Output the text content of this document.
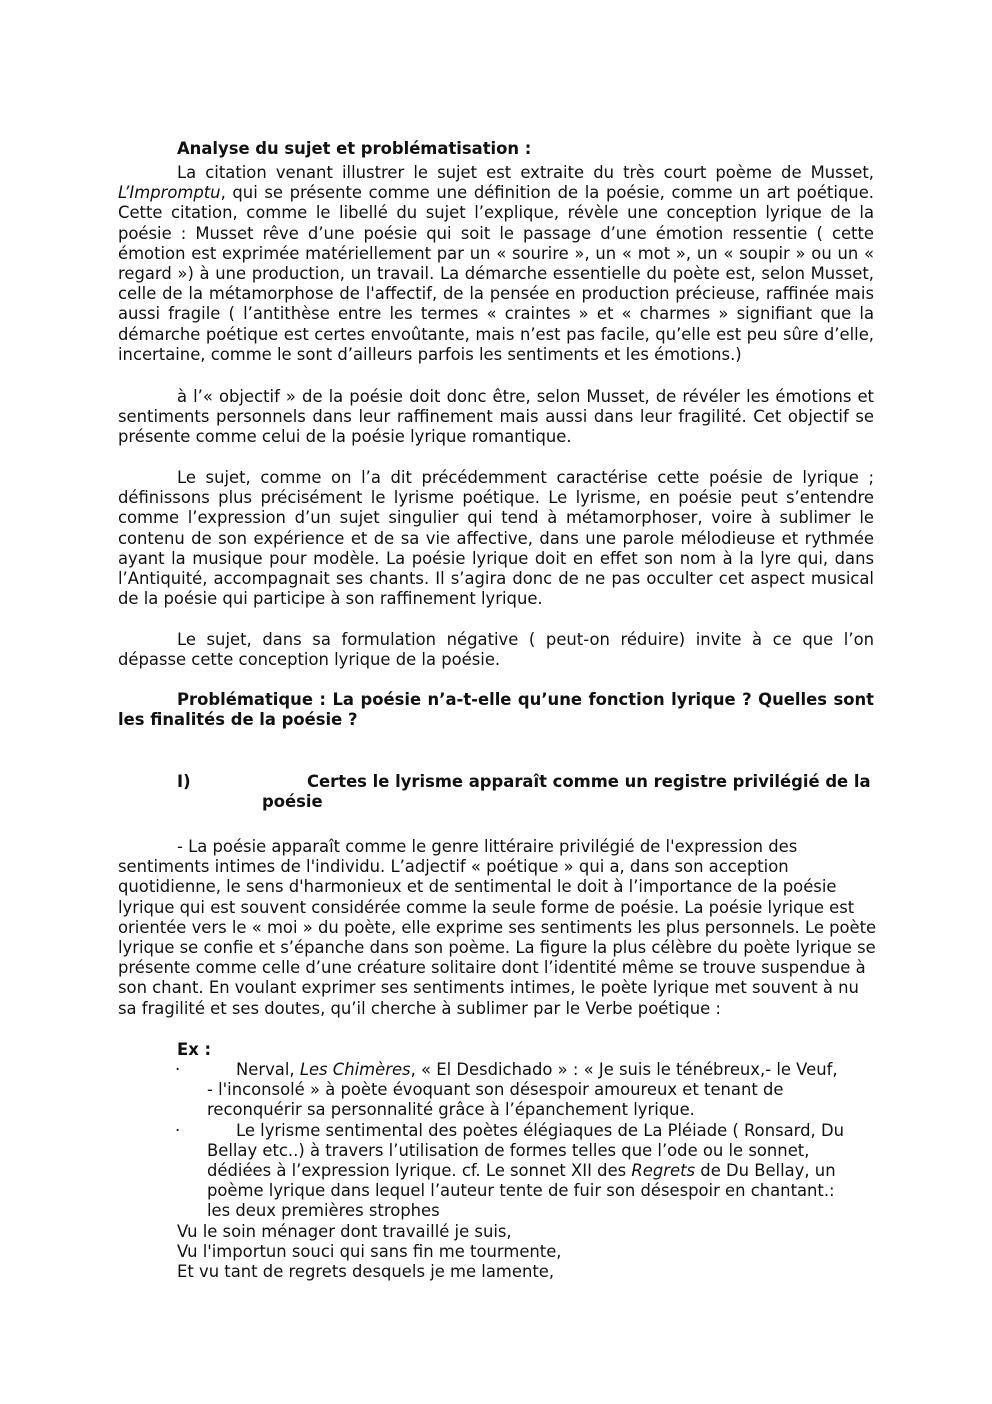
Analyse du sujet et problématisation :

La citation venant illustrer le sujet est extraite du très court poème de Musset, L’Impromptu, qui se présente comme une définition de la poésie, comme un art poétique. Cette citation, comme le libellé du sujet l’explique, révèle une conception lyrique de la poésie : Musset rêve d’une poésie qui soit le passage d’une émotion ressentie ( cette émotion est exprimée matériellement par un « sourire », un « mot », un « soupir » ou un « regard ») à une production, un travail. La démarche essentielle du poète est, selon Musset, celle de la métamorphose de l'affectif, de la pensée en production précieuse, raffinée mais aussi fragile ( l’antithèse entre les termes « craintes » et « charmes » signifiant que la démarche poétique est certes envoûtante, mais n’est pas facile, qu’elle est peu sûre d’elle, incertaine, comme le sont d’ailleurs parfois les sentiments et les émotions.)

à l’« objectif » de la poésie doit donc être, selon Musset, de révéler les émotions et sentiments personnels dans leur raffinement mais aussi dans leur fragilité. Cet objectif se présente comme celui de la poésie lyrique romantique.

Le sujet, comme on l’a dit précédemment caractérise cette poésie de lyrique ; définissons plus précisément le lyrisme poétique. Le lyrisme, en poésie peut s’entendre comme l’expression d’un sujet singulier qui tend à métamorphoser, voire à sublimer le contenu de son expérience et de sa vie affective, dans une parole mélodieuse et rythmée ayant la musique pour modèle. La poésie lyrique doit en effet son nom à la lyre qui, dans l’Antiquité, accompagnait ses chants. Il s’agira donc de ne pas occulter cet aspect musical de la poésie qui participe à son raffinement lyrique.

Le sujet, dans sa formulation négative ( peut-on réduire) invite à ce que l’on dépasse cette conception lyrique de la poésie.

Problématique : La poésie n’a-t-elle qu’une fonction lyrique ? Quelles sont les finalités de la poésie ?

I)	Certes le lyrisme apparaît comme un registre privilégié de la
poésie

- La poésie apparaît comme le genre littéraire privilégié de l'expression des sentiments intimes de l'individu. L’adjectif « poétique » qui a, dans son acception quotidienne, le sens d'harmonieux et de sentimental le doit à l’importance de la poésie lyrique qui est souvent considérée comme la seule forme de poésie. La poésie lyrique est orientée vers le « moi » du poète, elle exprime ses sentiments les plus personnels. Le poète lyrique se confie et s’épanche dans son poème. La figure la plus célèbre du poète lyrique se présente comme celle d’une créature solitaire dont l’identité même se trouve suspendue à son chant. En voulant exprimer ses sentiments intimes, le poète lyrique met souvent à nu sa fragilité et ses doutes, qu’il cherche à sublimer par le Verbe poétique :

Ex :
·	Nerval, Les Chimères, « El Desdichado » : « Je suis le ténébreux,- le Veuf,
- l'inconsolé » à poète évoquant son désespoir amoureux et tenant de
reconquérir sa personnalité grâce à l’épanchement lyrique.
·	Le lyrisme sentimental des poètes élégiaques de La Pléiade ( Ronsard, Du
Bellay etc..) à travers l’utilisation de formes telles que l’ode ou le sonnet,
dédiées à l’expression lyrique. cf. Le sonnet XII des Regrets de Du Bellay, un
poème lyrique dans lequel l’auteur tente de fuir son désespoir en chantant.:
les deux premières strophes
Vu le soin ménager dont travaillé je suis,
Vu l'importun souci qui sans fin me tourmente,
Et vu tant de regrets desquels je me lamente,
